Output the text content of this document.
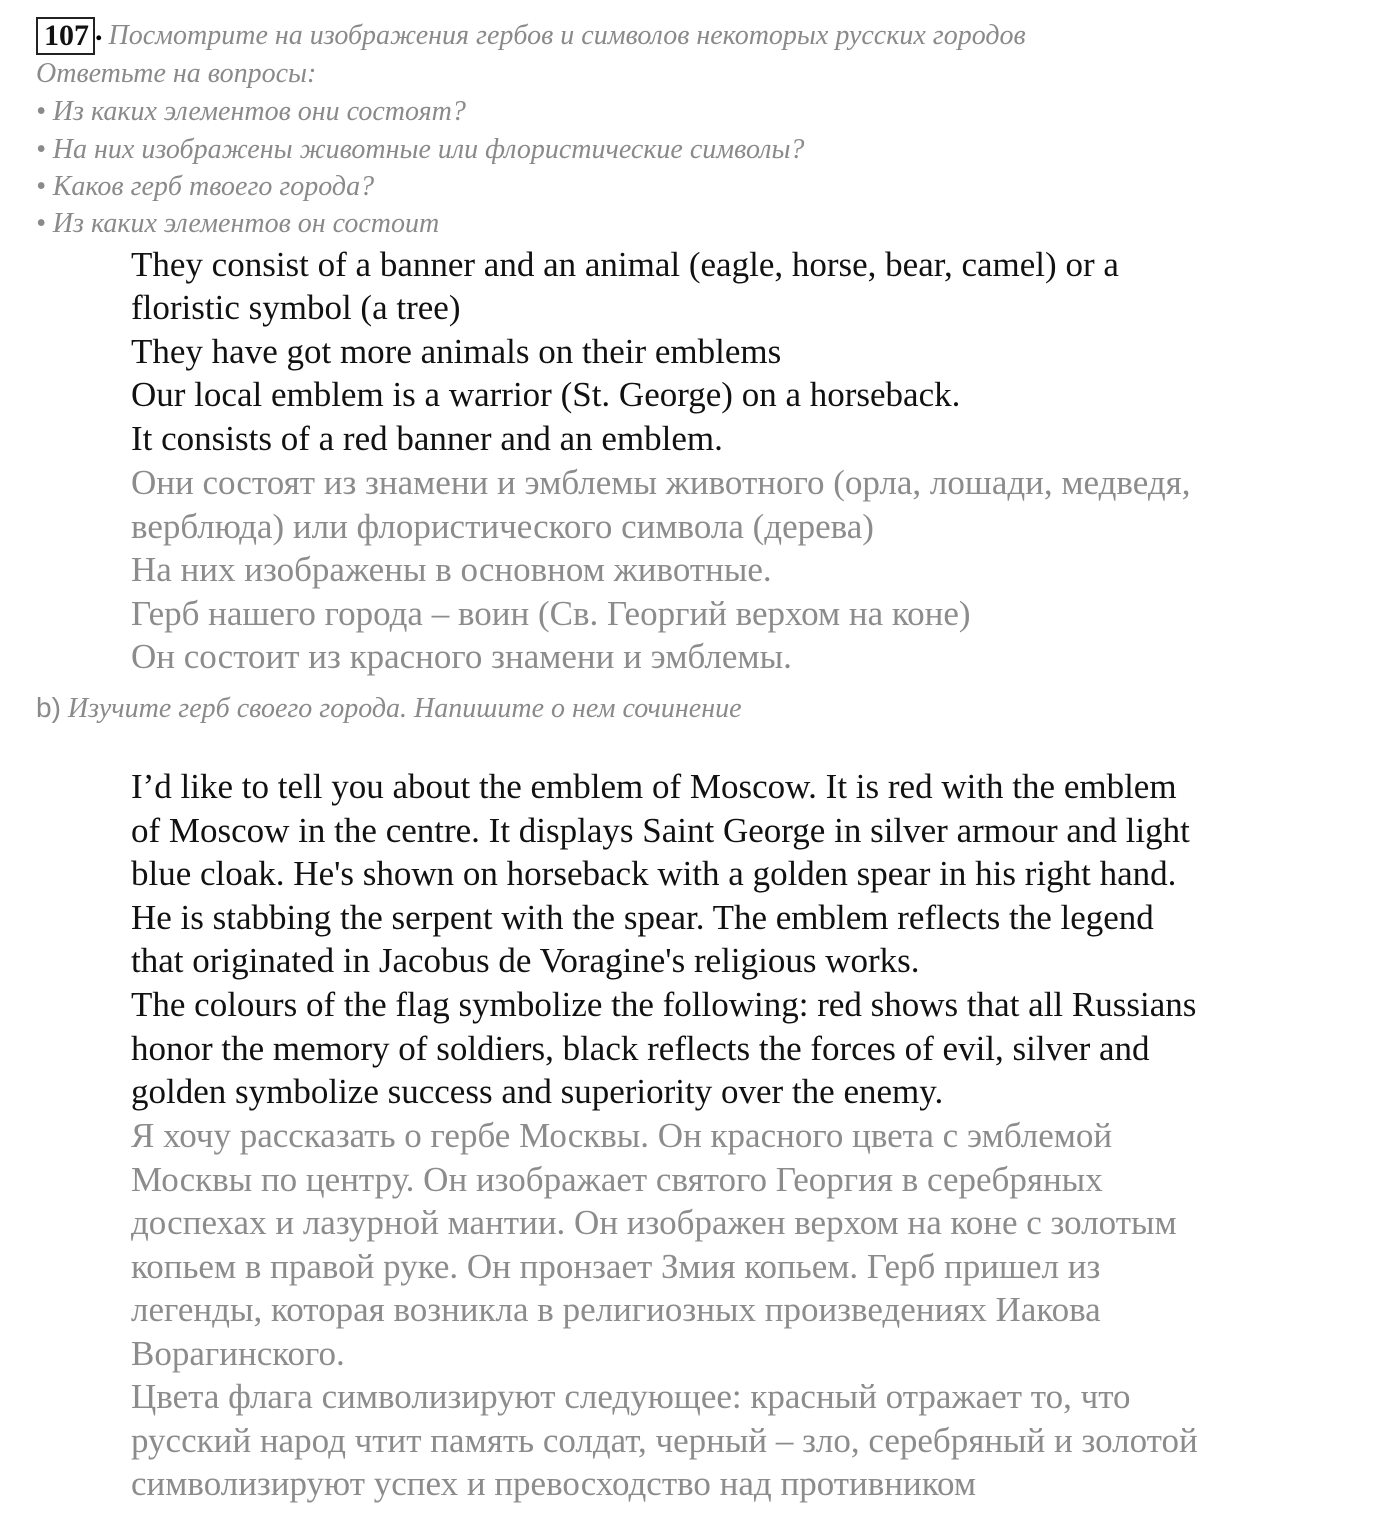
107 . Посмотрите на изображения гербов и символов некоторых русских городов
Ответьте на вопросы:
• Из каких элементов они состоят?
• На них изображены животные или флористические символы?
• Каков герб твоего города?
• Из каких элементов он состоит
They consist of a banner and an animal (eagle, horse, bear, camel) or a
floristic symbol (a tree)
They have got more animals on their emblems
Our local emblem is a warrior (St. George) on a horseback.
It consists of a red banner and an emblem.
Они состоят из знамени и эмблемы животного (орла, лошади, медведя,
верблюда) или флористического символа (дерева)
На них изображены в основном животные.
Герб нашего города – воин (Св. Георгий верхом на коне)
Он состоит из красного знамени и эмблемы.
b) Изучите герб своего города. Напишите о нем сочинение
I’d like to tell you about the emblem of Moscow. It is red with the emblem
of Moscow in the centre. It displays Saint George in silver armour and light
blue cloak. He's shown on horseback with a golden spear in his right hand.
He is stabbing the serpent with the spear. The emblem reflects the legend
that originated in Jacobus de Voragine's religious works.
The colours of the flag symbolize the following: red shows that all Russians
honor the memory of soldiers, black reflects the forces of evil, silver and
golden symbolize success and superiority over the enemy.
Я хочу рассказать о гербе Москвы. Он красного цвета с эмблемой
Москвы по центру. Он изображает святого Георгия в серебряных
доспехах и лазурной мантии. Он изображен верхом на коне с золотым
копьем в правой руке. Он пронзает Змия копьем. Герб пришел из
легенды, которая возникла в религиозных произведениях Иакова
Ворагинского.
Цвета флага символизируют следующее: красный отражает то, что
русский народ чтит память солдат, черный – зло, серебряный и золотой
символизируют успех и превосходство над противником
